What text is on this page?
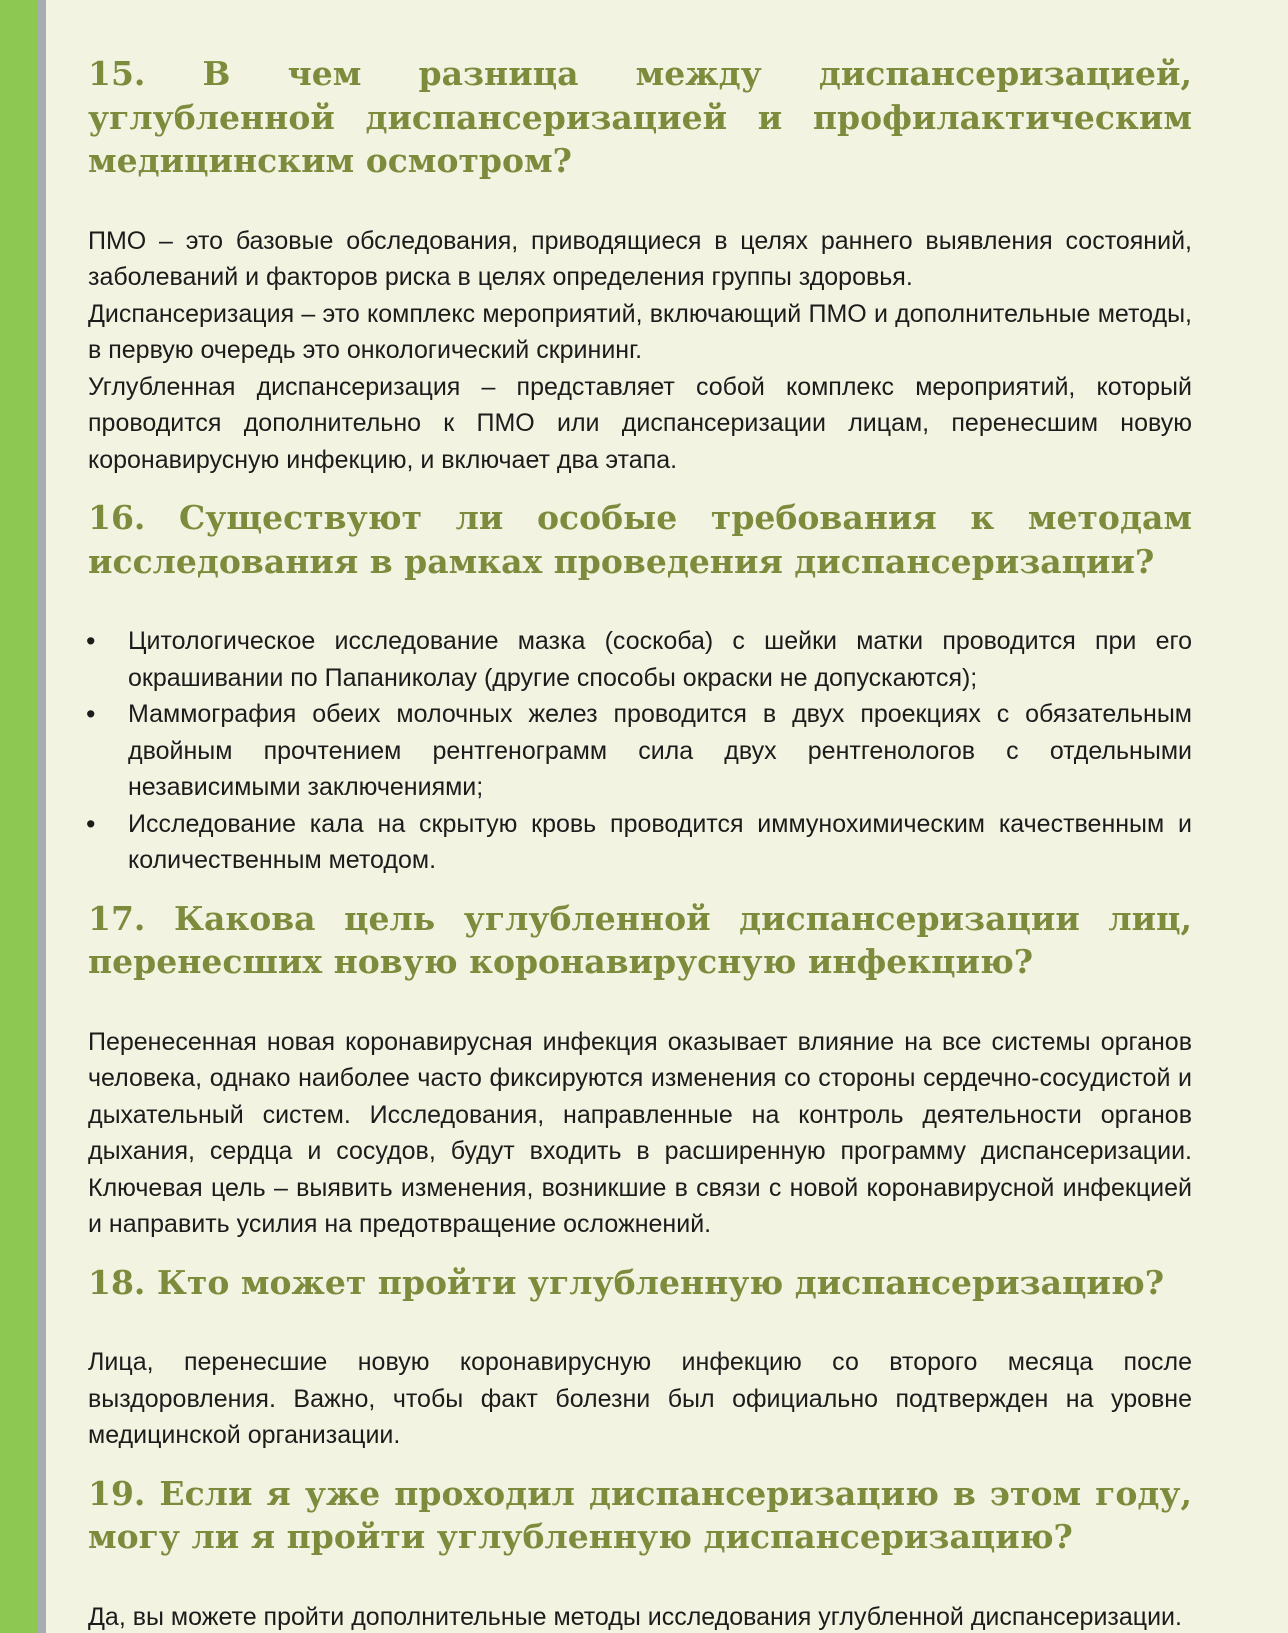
15. В чем разница между диспансеризацией, углубленной диспансеризацией и профилактическим медицинским осмотром?

ПМО – это базовые обследования, приводящиеся в целях раннего выявления состояний, заболеваний и факторов риска в целях определения группы здоровья.

Диспансеризация – это комплекс мероприятий, включающий ПМО и дополнительные методы, в первую очередь это онкологический скрининг.

Углубленная диспансеризация – представляет собой комплекс мероприятий, который проводится дополнительно к ПМО или диспансеризации лицам, перенесшим новую коронавирусную инфекцию, и включает два этапа.

16. Существуют ли особые требования к методам исследования в рамках проведения диспансеризации?
• Цитологическое исследование мазка (соскоба) с шейки матки проводится при его окрашивании по Папаниколау (другие способы окраски не допускаются);
• Маммография обеих молочных желез проводится в двух проекциях с обязательным двойным прочтением рентгенограмм сила двух рентгенологов с отдельными независимыми заключениями;
• Исследование кала на скрытую кровь проводится иммунохимическим качественным и количественным методом.
17. Какова цель углубленной диспансеризации лиц, перенесших новую коронавирусную инфекцию?

Перенесенная новая коронавирусная инфекция оказывает влияние на все системы органов человека, однако наиболее часто фиксируются изменения со стороны сердечно-сосудистой и дыхательный систем. Исследования, направленные на контроль деятельности органов дыхания, сердца и сосудов, будут входить в расширенную программу диспансеризации. Ключевая цель – выявить изменения, возникшие в связи с новой коронавирусной инфекцией и направить усилия на предотвращение осложнений.

18. Кто может пройти углубленную диспансеризацию?

Лица, перенесшие новую коронавирусную инфекцию со второго месяца после выздоровления. Важно, чтобы факт болезни был официально подтвержден на уровне медицинской организации.

19. Если я уже проходил диспансеризацию в этом году, могу ли я пройти углубленную диспансеризацию?

Да, вы можете пройти дополнительные методы исследования углубленной диспансеризации.
